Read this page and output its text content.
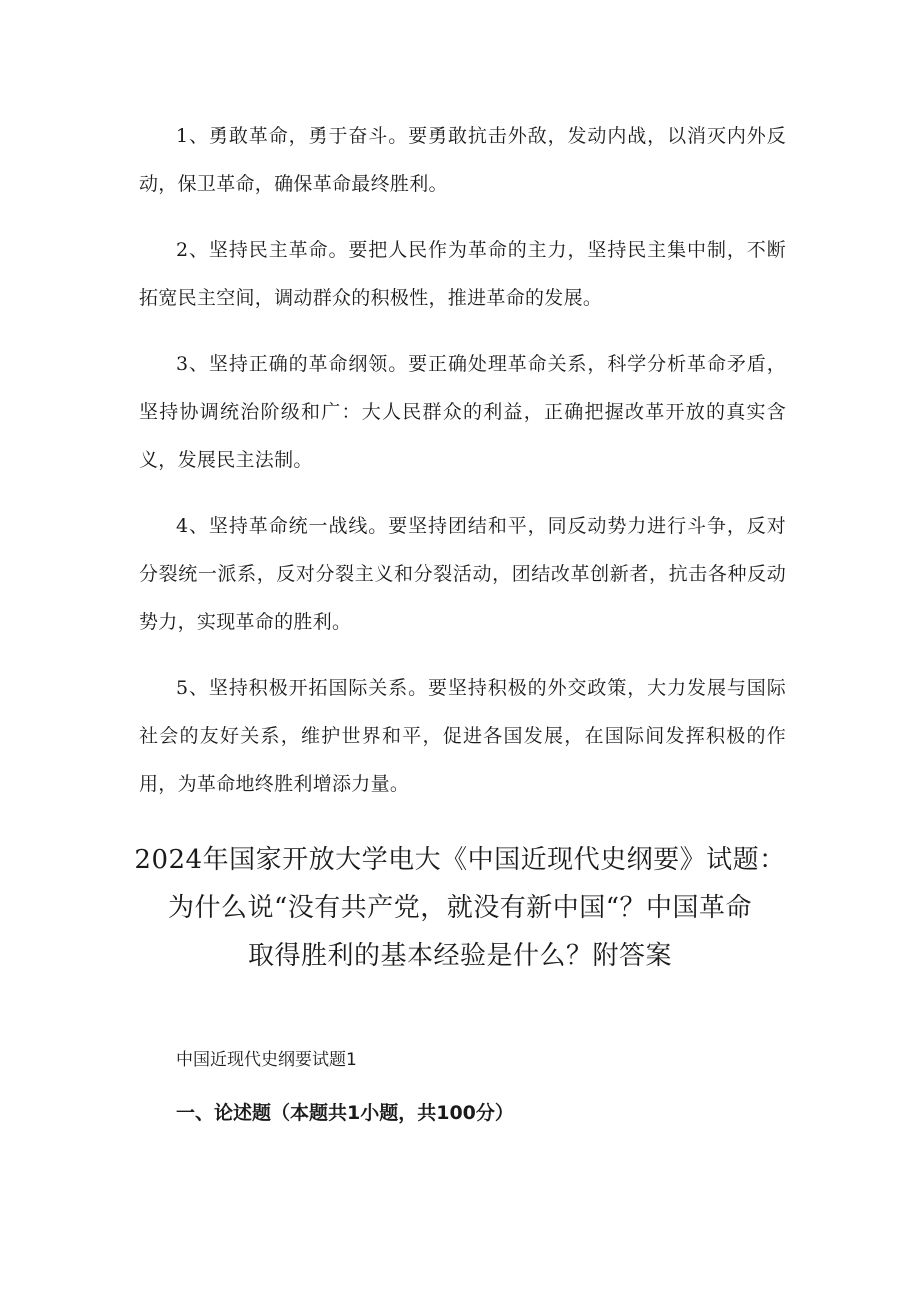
1、勇敢革命，勇于奋斗。要勇敢抗击外敌，发动内战，以消灭内外反动，保卫革命，确保革命最终胜利。

2、坚持民主革命。要把人民作为革命的主力，坚持民主集中制，不断拓宽民主空间，调动群众的积极性，推进革命的发展。

3、坚持正确的革命纲领。要正确处理革命关系，科学分析革命矛盾，坚持协调统治阶级和广：大人民群众的利益，正确把握改革开放的真实含义，发展民主法制。

4、坚持革命统一战线。要坚持团结和平，同反动势力进行斗争，反对分裂统一派系，反对分裂主义和分裂活动，团结改革创新者，抗击各种反动势力，实现革命的胜利。

5、坚持积极开拓国际关系。要坚持积极的外交政策，大力发展与国际社会的友好关系，维护世界和平，促进各国发展，在国际间发挥积极的作用，为革命地终胜利增添力量。

2024年国家开放大学电大《中国近现代史纲要》试题：
为什么说“没有共产党，就没有新中国“？中国革命
取得胜利的基本经验是什么？附答案
中国近现代史纲要试题1
一、论述题（本题共1小题，共100分）
